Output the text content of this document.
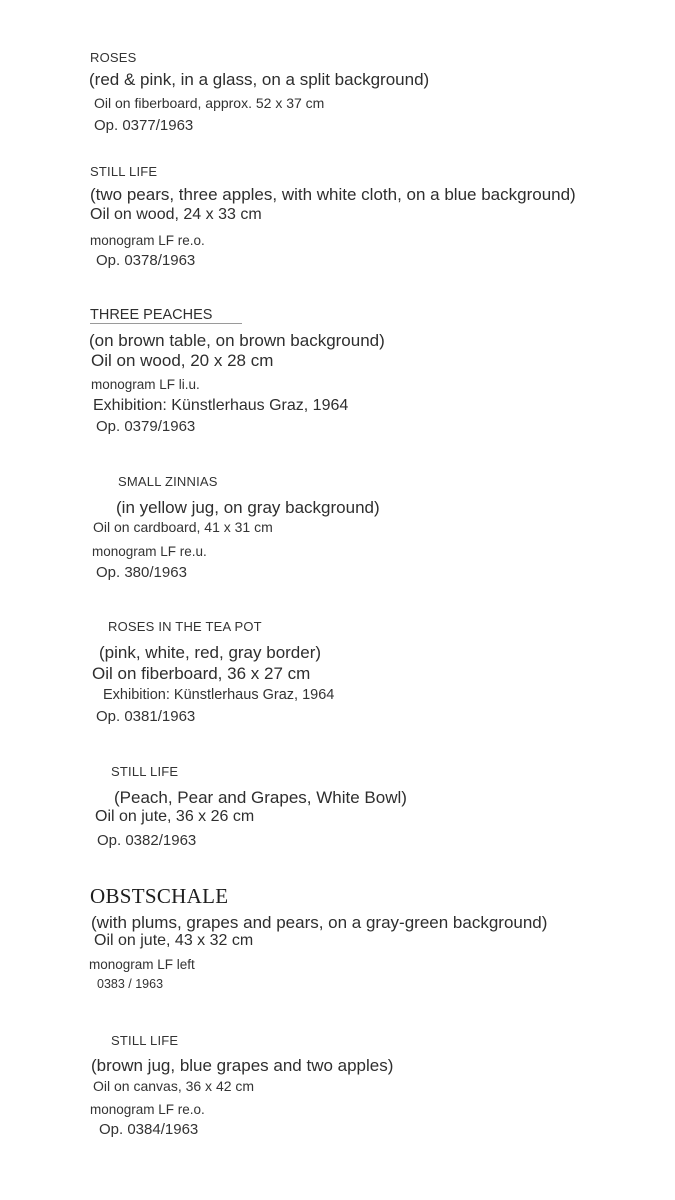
ROSES
(red & pink, in a glass, on a split background)
Oil on fiberboard, approx. 52 x 37 cm
Op. 0377/1963
STILL LIFE
(two pears, three apples, with white cloth, on a blue background)
Oil on wood, 24 x 33 cm
monogram LF re.o.
Op. 0378/1963
THREE PEACHES
(on brown table, on brown background)
Oil on wood, 20 x 28 cm
monogram LF li.u.
Exhibition: Künstlerhaus Graz, 1964
Op. 0379/1963
SMALL ZINNIAS
(in yellow jug, on gray background)
Oil on cardboard, 41 x 31 cm
monogram LF re.u.
Op. 380/1963
ROSES IN THE TEA POT
(pink, white, red, gray border)
Oil on fiberboard, 36 x 27 cm
Exhibition: Künstlerhaus Graz, 1964
Op. 0381/1963
STILL LIFE
(Peach, Pear and Grapes, White Bowl)
Oil on jute, 36 x 26 cm
Op. 0382/1963
OBSTSCHALE
(with plums, grapes and pears, on a gray-green background)
Oil on jute, 43 x 32 cm
monogram LF left
0383 / 1963
STILL LIFE
(brown jug, blue grapes and two apples)
Oil on canvas, 36 x 42 cm
monogram LF re.o.
Op. 0384/1963
